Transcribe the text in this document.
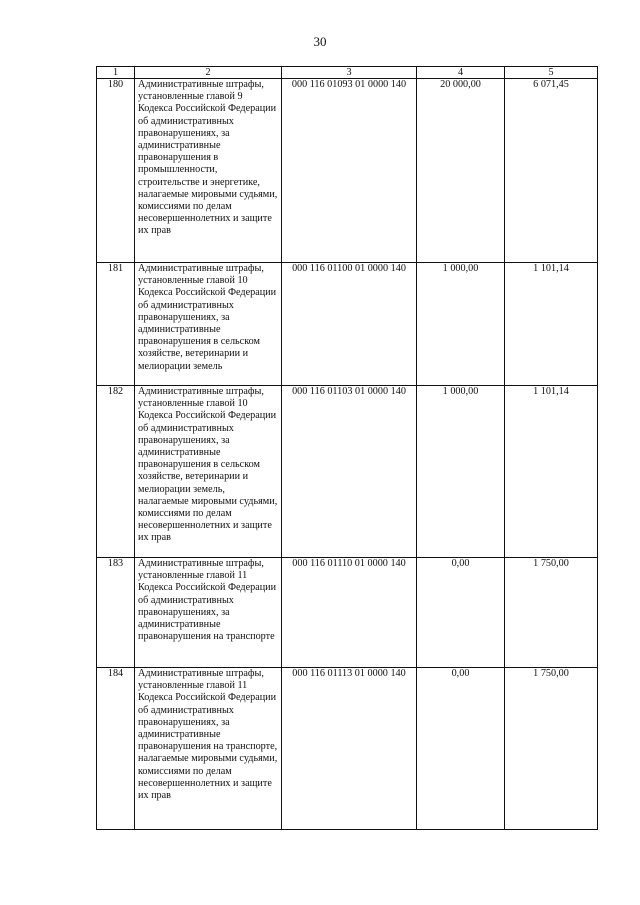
30
1	2	3	4	5
180	Административные штрафы, установленные главой 9 Кодекса Российской Федерации об административных правонарушениях, за административные правонарушения в промышленности, строительстве и энергетике, налагаемые мировыми судьями, комиссиями по делам несовершеннолетних и защите их прав	000 116 01093 01 0000 140	20 000,00	6 071,45
181	Административные штрафы, установленные главой 10 Кодекса Российской Федерации об административных правонарушениях, за административные правонарушения в сельском хозяйстве, ветеринарии и мелиорации земель	000 116 01100 01 0000 140	1 000,00	1 101,14
182	Административные штрафы, установленные главой 10 Кодекса Российской Федерации об административных правонарушениях, за административные правонарушения в сельском хозяйстве, ветеринарии и мелиорации земель, налагаемые мировыми судьями, комиссиями по делам несовершеннолетних и защите их прав	000 116 01103 01 0000 140	1 000,00	1 101,14
183	Административные штрафы, установленные главой 11 Кодекса Российской Федерации об административных правонарушениях, за административные правонарушения на транспорте	000 116 01110 01 0000 140	0,00	1 750,00
184	Административные штрафы, установленные главой 11 Кодекса Российской Федерации об административных правонарушениях, за административные правонарушения на транспорте, налагаемые мировыми судьями, комиссиями по делам несовершеннолетних и защите их прав	000 116 01113 01 0000 140	0,00	1 750,00
